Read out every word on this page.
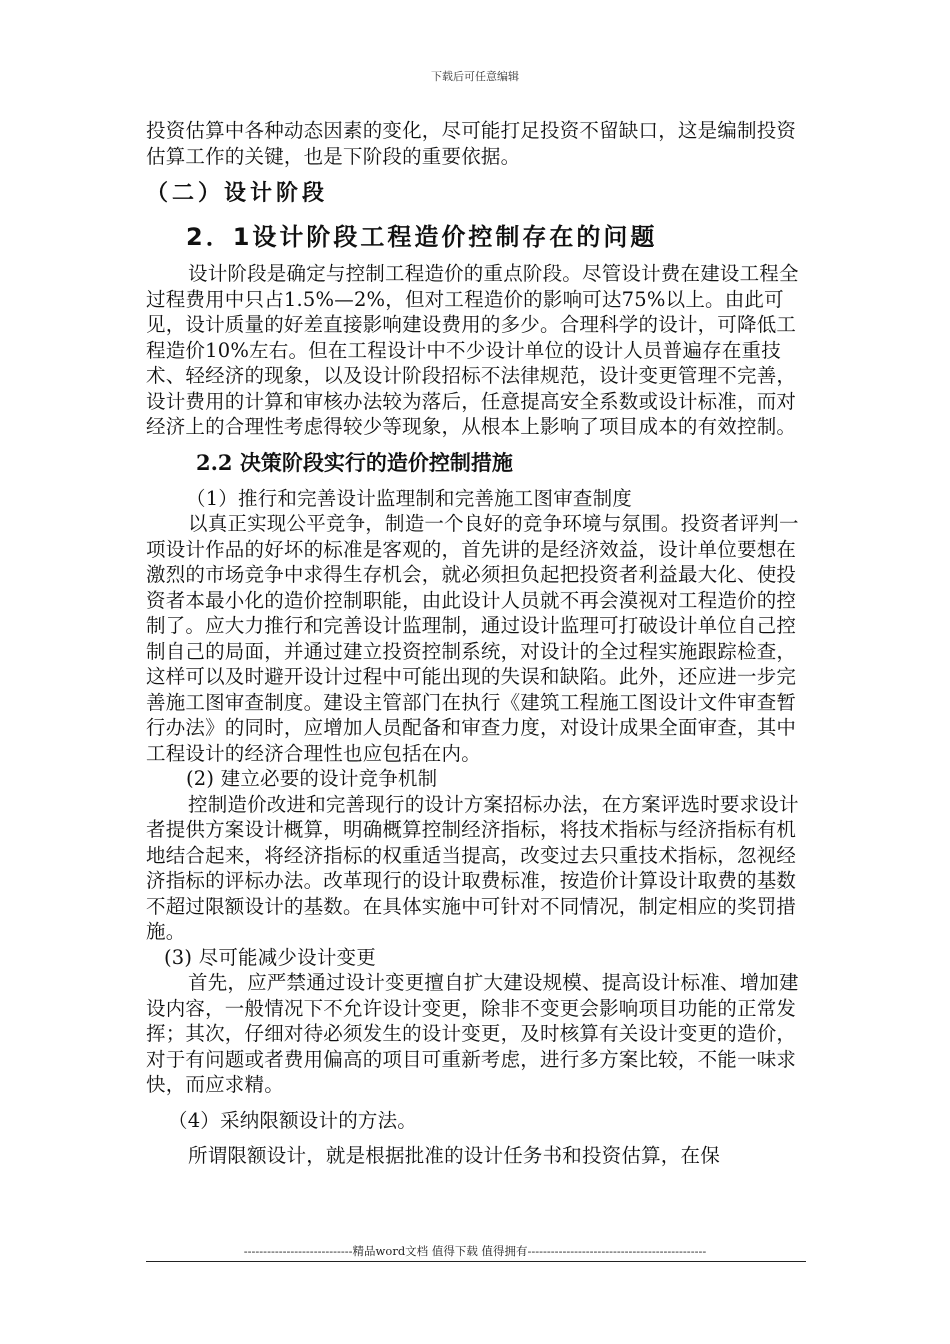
下载后可任意编辑

投资估算中各种动态因素的变化，尽可能打足投资不留缺口，这是编制投资估算工作的关键，也是下阶段的重要依据。

（二）设计阶段
2．1设计阶段工程造价控制存在的问题

设计阶段是确定与控制工程造价的重点阶段。尽管设计费在建设工程全过程费用中只占1.5%—2%，但对工程造价的影响可达75%以上。由此可见，设计质量的好差直接影响建设费用的多少。合理科学的设计，可降低工程造价10%左右。但在工程设计中不少设计单位的设计人员普遍存在重技术、轻经济的现象，以及设计阶段招标不法律规范，设计变更管理不完善，设计费用的计算和审核办法较为落后，任意提高安全系数或设计标准，而对经济上的合理性考虑得较少等现象，从根本上影响了项目成本的有效控制。

2.2 决策阶段实行的造价控制措施

（1）推行和完善设计监理制和完善施工图审查制度

以真正实现公平竞争，制造一个良好的竞争环境与氛围。投资者评判一项设计作品的好坏的标准是客观的，首先讲的是经济效益，设计单位要想在激烈的市场竞争中求得生存机会，就必须担负起把投资者利益最大化、使投资者本最小化的造价控制职能，由此设计人员就不再会漠视对工程造价的控制了。应大力推行和完善设计监理制，通过设计监理可打破设计单位自己控制自己的局面，并通过建立投资控制系统，对设计的全过程实施跟踪检查，这样可以及时避开设计过程中可能出现的失误和缺陷。此外，还应进一步完善施工图审查制度。建设主管部门在执行《建筑工程施工图设计文件审查暂行办法》的同时，应增加人员配备和审查力度，对设计成果全面审查，其中工程设计的经济合理性也应包括在内。

(2) 建立必要的设计竞争机制

控制造价改进和完善现行的设计方案招标办法，在方案评选时要求设计者提供方案设计概算，明确概算控制经济指标，将技术指标与经济指标有机地结合起来，将经济指标的权重适当提高，改变过去只重技术指标，忽视经济指标的评标办法。改革现行的设计取费标准，按造价计算设计取费的基数不超过限额设计的基数。在具体实施中可针对不同情况，制定相应的奖罚措施。

(3) 尽可能减少设计变更

首先，应严禁通过设计变更擅自扩大建设规模、提高设计标准、增加建设内容，一般情况下不允许设计变更，除非不变更会影响项目功能的正常发挥；其次，仔细对待必须发生的设计变更，及时核算有关设计变更的造价，对于有问题或者费用偏高的项目可重新考虑，进行多方案比较，不能一味求快，而应求精。

（4）采纳限额设计的方法。

所谓限额设计，就是根据批准的设计任务书和投资估算，在保

----------------------------精品word文档 值得下载 值得拥有----------------------------------------------
